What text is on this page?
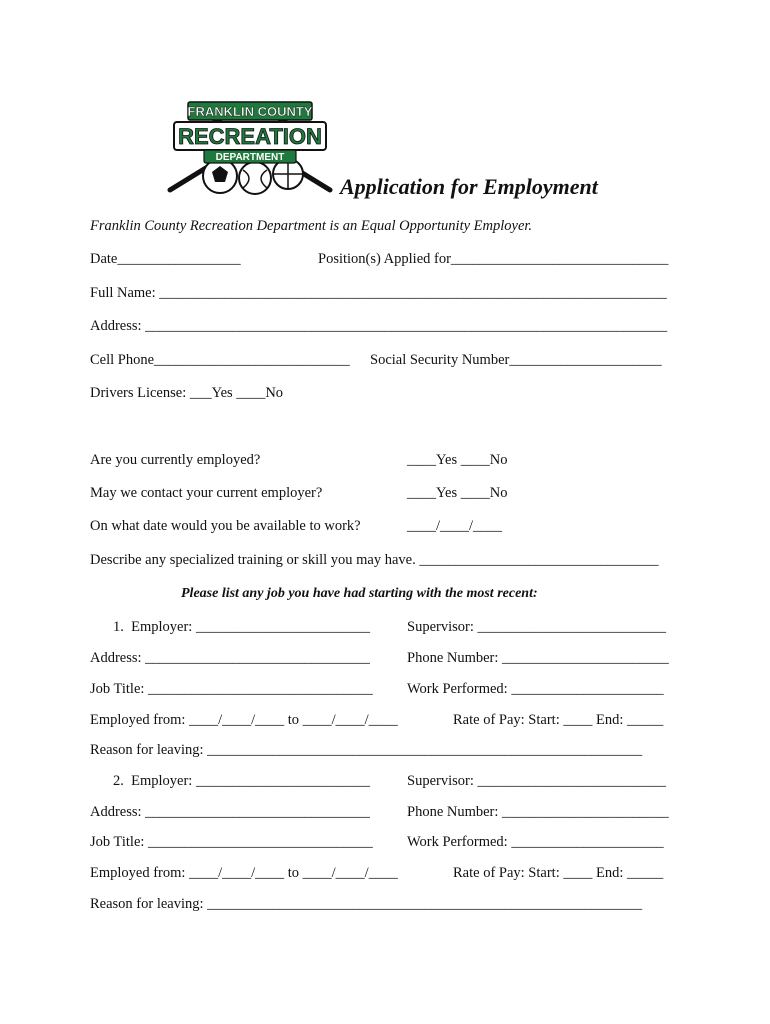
FRANKLIN COUNTY
RECREATION
DEPARTMENT
Application for Employment
Franklin County Recreation Department is an Equal Opportunity Employer.
Date_________________	Position(s) Applied for______________________________
Full Name: ______________________________________________________________________
Address: ________________________________________________________________________
Cell Phone___________________________ Social Security Number_____________________
Drivers License: ___Yes ____No
Are you currently employed?	____Yes ____No
May we contact your current employer?	____Yes ____No
On what date would you be available to work?	____/____/____
Describe any specialized training or skill you may have. _________________________________
Please list any job you have had starting with the most recent:
1.  Employer: ________________________	Supervisor: __________________________
Address: _______________________________	Phone Number: _______________________
Job Title: _______________________________ Work Performed: _____________________
Employed from: ____/____/____ to ____/____/____	Rate of Pay: Start: ____ End: _____
Reason for leaving: ____________________________________________________________
2.  Employer: ________________________	Supervisor: __________________________
Address: _______________________________	Phone Number: _______________________
Job Title: _______________________________ Work Performed: _____________________
Employed from: ____/____/____ to ____/____/____	Rate of Pay: Start: ____ End: _____
Reason for leaving: ____________________________________________________________
